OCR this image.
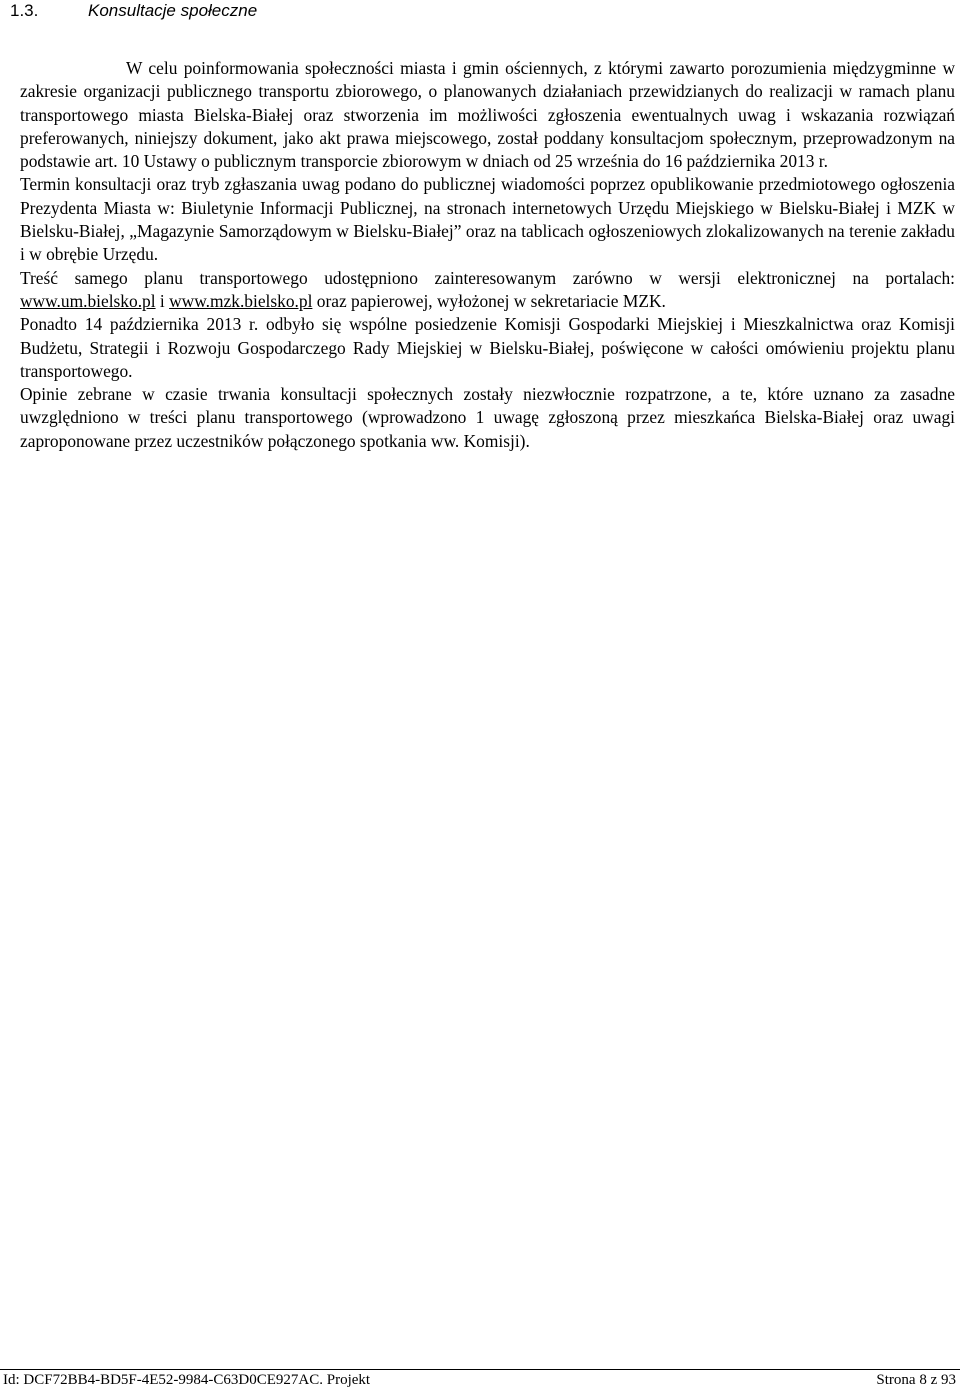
1.3.	Konsultacje społeczne

W celu poinformowania społeczności miasta i gmin ościennych, z którymi zawarto porozumienia międzygminne w zakresie organizacji publicznego transportu zbiorowego, o planowanych działaniach przewidzianych do realizacji w ramach planu transportowego miasta Bielska-Białej oraz stworzenia im możliwości zgłoszenia ewentualnych uwag i wskazania rozwiązań preferowanych, niniejszy dokument, jako akt prawa miejscowego, został poddany konsultacjom społecznym, przeprowadzonym na podstawie art. 10 Ustawy o publicznym transporcie zbiorowym w dniach od 25 września do 16 października 2013 r.

Termin konsultacji oraz tryb zgłaszania uwag podano do publicznej wiadomości poprzez opublikowanie przedmiotowego ogłoszenia Prezydenta Miasta w: Biuletynie Informacji Publicznej, na stronach internetowych Urzędu Miejskiego w Bielsku-Białej i MZK w Bielsku-Białej, „Magazynie Samorządowym w Bielsku-Białej” oraz na tablicach ogłoszeniowych zlokalizowanych na terenie zakładu i w obrębie Urzędu.

Treść samego planu transportowego udostępniono zainteresowanym zarówno w wersji elektronicznej na portalach: www.um.bielsko.pl i www.mzk.bielsko.pl oraz papierowej, wyłożonej w sekretariacie MZK.

Ponadto 14 października 2013 r. odbyło się wspólne posiedzenie Komisji Gospodarki Miejskiej i Mieszkalnictwa oraz Komisji Budżetu, Strategii i Rozwoju Gospodarczego Rady Miejskiej w Bielsku-Białej, poświęcone w całości omówieniu projektu planu transportowego.

Opinie zebrane w czasie trwania konsultacji społecznych zostały niezwłocznie rozpatrzone, a te, które uznano za zasadne uwzględniono w treści planu transportowego (wprowadzono 1 uwagę zgłoszoną przez mieszkańca Bielska-Białej oraz uwagi zaproponowane przez uczestników połączonego spotkania ww. Komisji).

Id: DCF72BB4-BD5F-4E52-9984-C63D0CE927AC. Projekt	Strona 8 z 93
